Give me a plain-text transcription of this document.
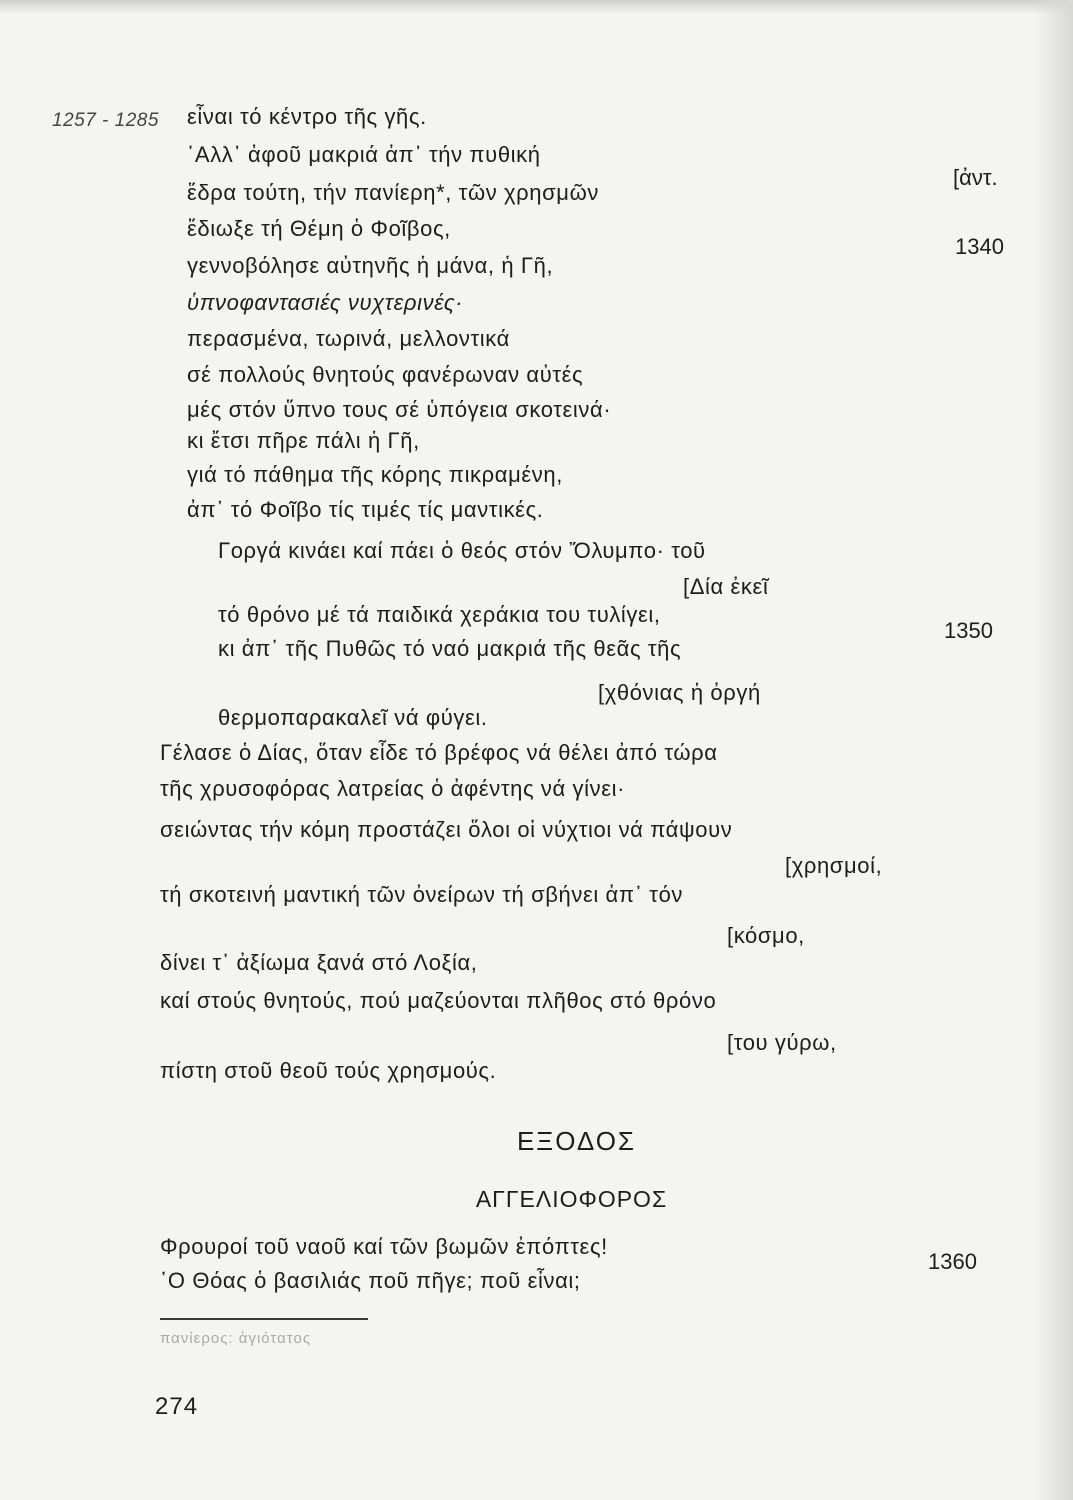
1257 - 1285 εἶναι τό κέντρο τῆς γῆς.
῾Αλλ᾽ ἀφοῦ μακριά ἀπ᾽ τήν πυθική
ἕδρα τούτη, τήν πανίερη*, τῶν χρησμῶν
ἔδιωξε τή Θέμη ὁ Φοῖβος,
γεννοβόλησε αὐτηνῆς ἡ μάνα, ἡ Γῆ,
ὑπνοφαντασιές νυχτερινές·
περασμένα, τωρινά, μελλοντικά
σέ πολλούς θνητούς φανέρωναν αὐτές
μές στόν ὕπνο τους σέ ὑπόγεια σκοτεινά·
κι ἔτσι πῆρε πάλι ἡ Γῆ,
γιά τό πάθημα τῆς κόρης πικραμένη,
ἀπ᾽ τό Φοῖβο τίς τιμές τίς μαντικές.
Γοργά κινάει καί πάει ὁ θεός στόν Ὄλυμπο· τοῦ
[Δία ἐκεῖ
τό θρόνο μέ τά παιδικά χεράκια του τυλίγει,
κι ἀπ᾽ τῆς Πυθῶς τό ναό μακριά τῆς θεᾶς τῆς
[χθόνιας ἡ ὀργή
θερμοπαρακαλεῖ νά φύγει.
Γέλασε ὁ Δίας, ὅταν εἶδε τό βρέφος νά θέλει ἀπό τώρα
τῆς χρυσοφόρας λατρείας ὁ ἀφέντης νά γίνει·
σειώντας τήν κόμη προστάζει ὅλοι οἱ νύχτιοι νά πάψουν
[χρησμοί,
τή σκοτεινή μαντική τῶν ὀνείρων τή σβήνει ἀπ᾽ τόν
[κόσμο,
δίνει τ᾽ ἀξίωμα ξανά στό Λοξία,
καί στούς θνητούς, πού μαζεύονται πλῆθος στό θρόνο
[του γύρω,
πίστη στοῦ θεοῦ τούς χρησμούς.
[ἀντ.
1340
1350
ΕΞΟΔΟΣ
ΑΓΓΕΛΙΟΦΟΡΟΣ
Φρουροί τοῦ ναοῦ καί τῶν βωμῶν ἐπόπτες!
῾Ο Θόας ὁ βασιλιάς ποῦ πῆγε; ποῦ εἶναι;
1360
πανίερος: ἁγιότατος
274
